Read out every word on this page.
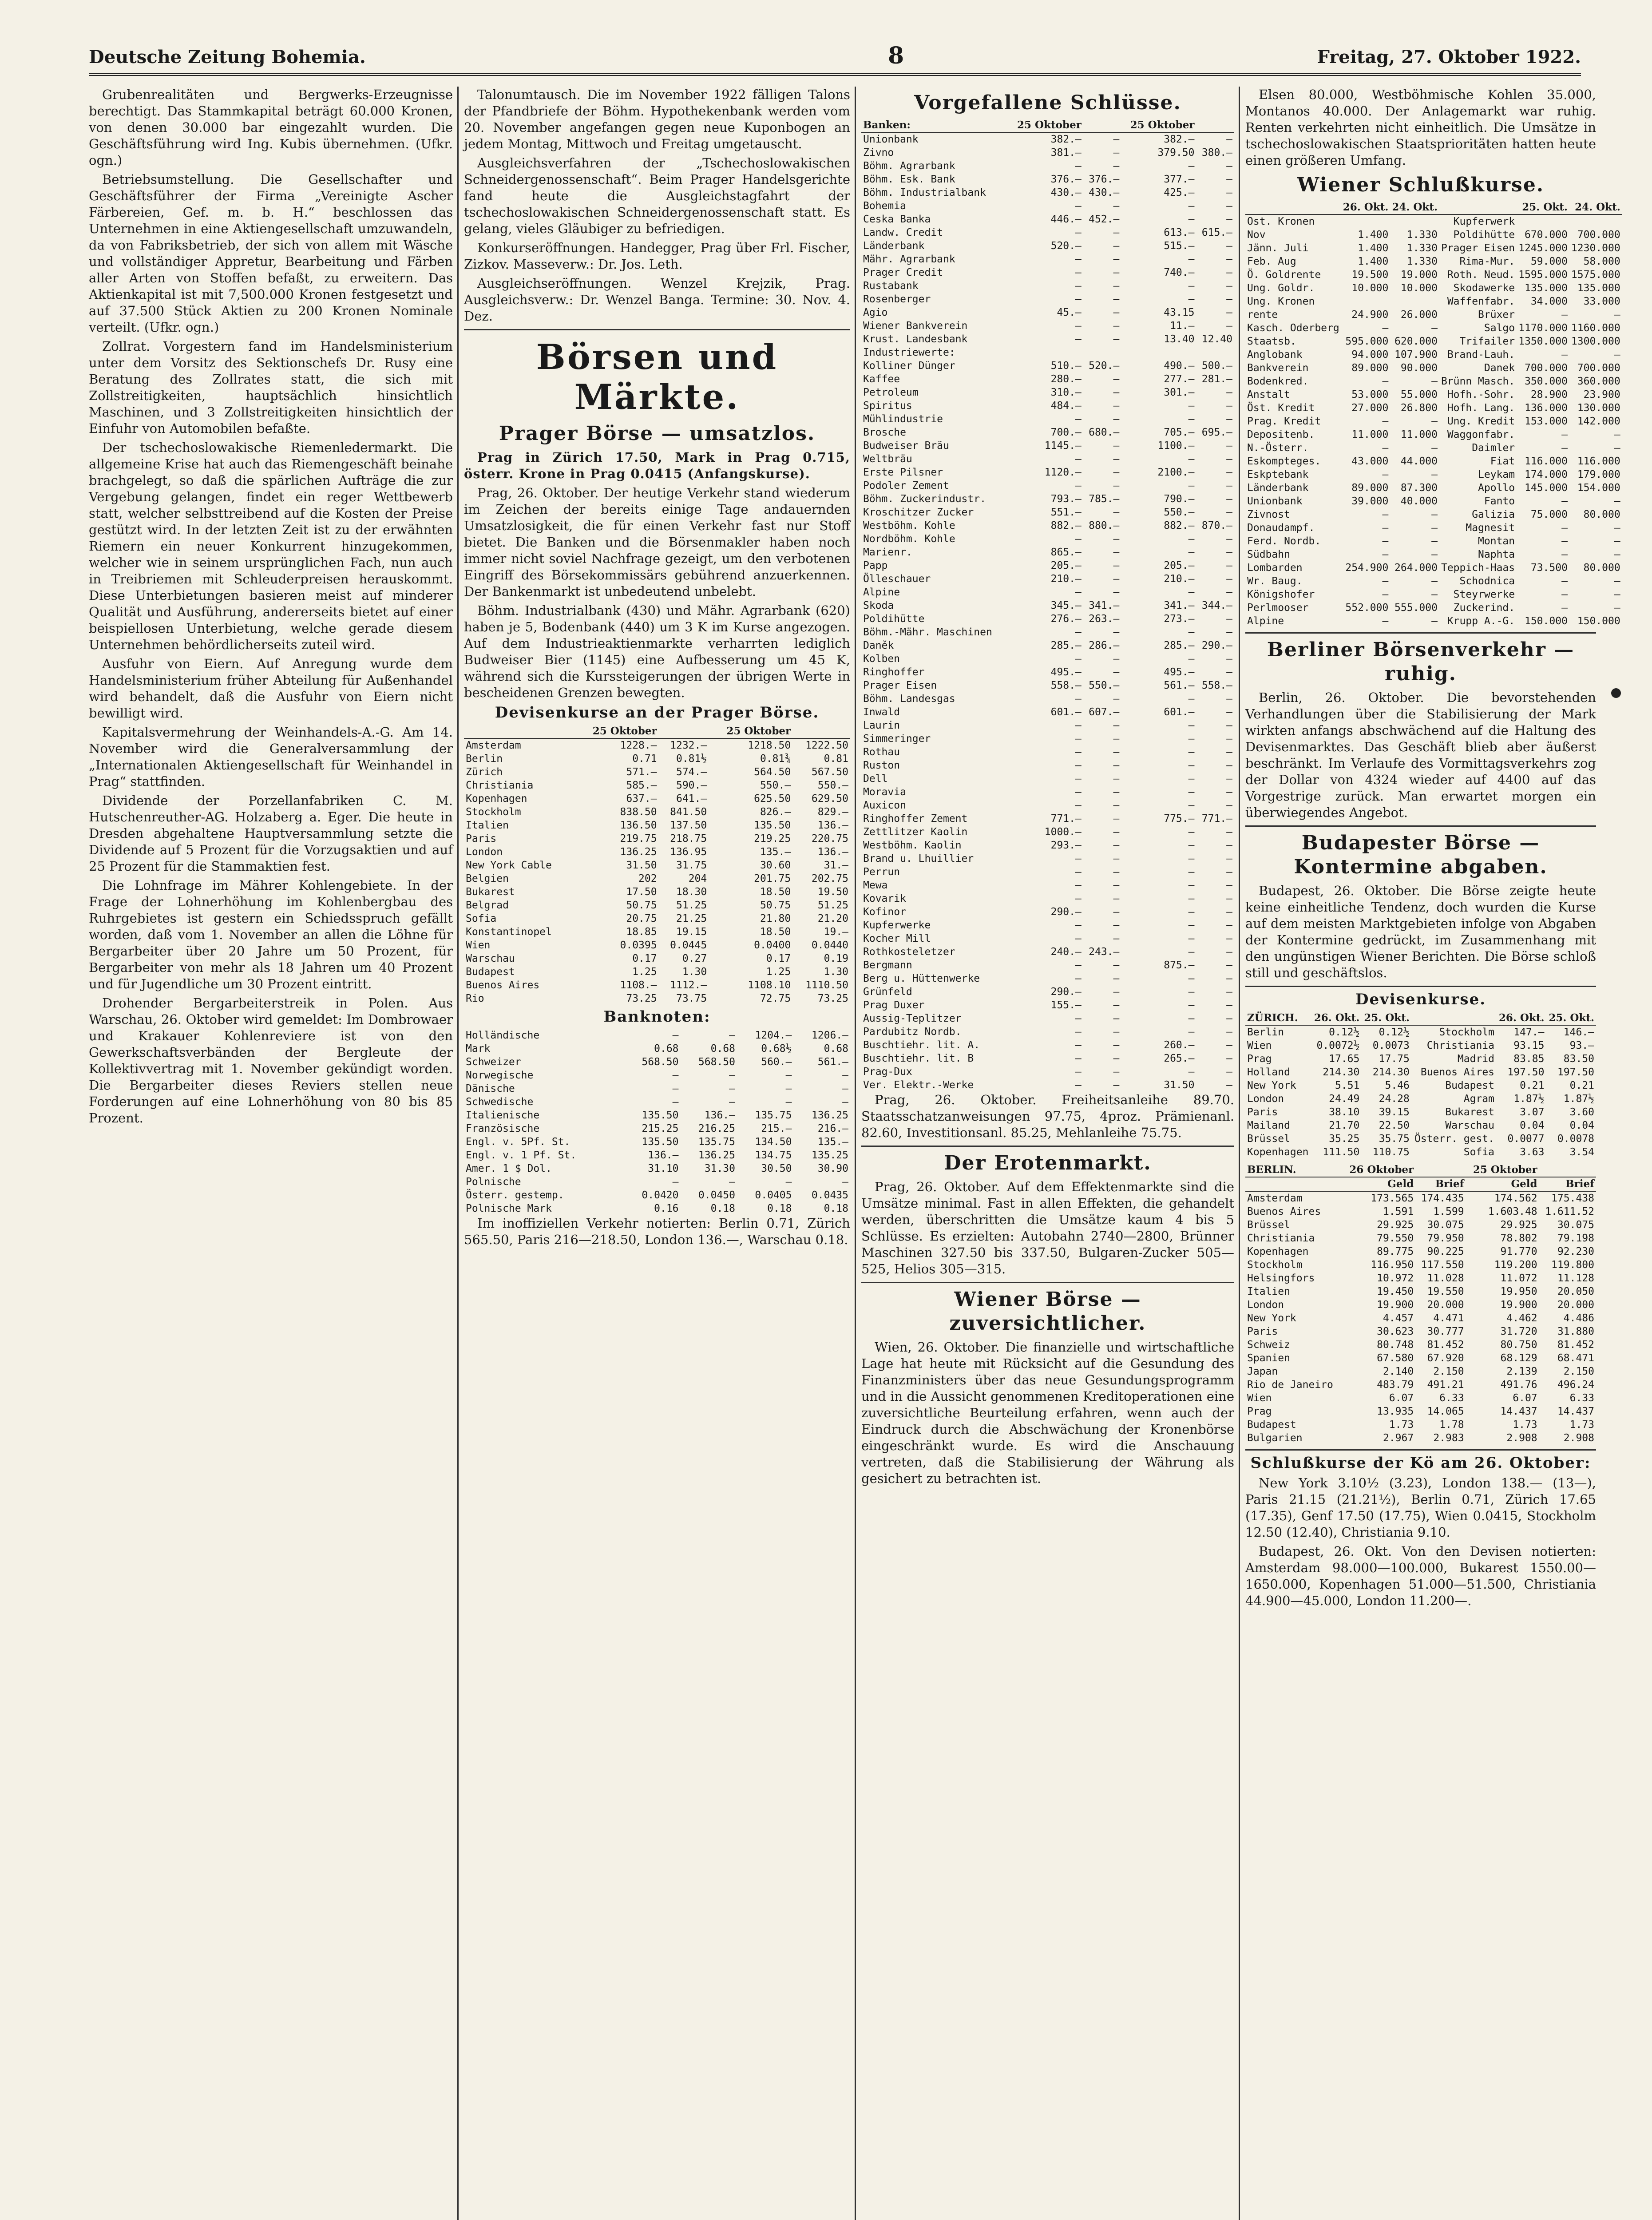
Deutsche Zeitung Bohemia.	8	Freitag, 27. Oktober 1922.

Grubenrealitäten und Bergwerks-Erzeugnisse berechtigt. Das Stammkapital beträgt 60.000 Kronen, von denen 30.000 bar eingezahlt wurden. Die Geschäftsführung wird Ing. Kubis übernehmen. (Ufkr. ogn.)

Betriebsumstellung. Die Gesellschafter und Geschäftsführer der Firma „Vereinigte Ascher Färbereien, Gef. m. b. H.“ beschlossen das Unternehmen in eine Aktiengesellschaft umzuwandeln, da von Fabriksbetrieb, der sich von allem mit Wäsche und vollständiger Appretur, Bearbeitung und Färben aller Arten von Stoffen befaßt, zu erweitern. Das Aktienkapital ist mit 7,500.000 Kronen festgesetzt und auf 37.500 Stück Aktien zu 200 Kronen Nominale verteilt. (Ufkr. ogn.)

Zollrat. Vorgestern fand im Handelsministerium unter dem Vorsitz des Sektionschefs Dr. Rusy eine Beratung des Zollrates statt, die sich mit Zollstreitigkeiten, hauptsächlich hinsichtlich Maschinen, und 3 Zollstreitigkeiten hinsichtlich der Einfuhr von Automobilen befaßte.

Der tschechoslowakische Riemenledermarkt. Die allgemeine Krise hat auch das Riemengeschäft beinahe brachgelegt, so daß die spärlichen Aufträge die zur Vergebung gelangen, findet ein reger Wettbewerb statt, welcher selbsttreibend auf die Kosten der Preise gestützt wird. In der letzten Zeit ist zu der erwähnten Riemern ein neuer Konkurrent hinzugekommen, welcher wie in seinem ursprünglichen Fach, nun auch in Treibriemen mit Schleuderpreisen herauskommt. Diese Unterbietungen basieren meist auf minderer Qualität und Ausführung, andererseits bietet auf einer beispiellosen Unterbietung, welche gerade diesem Unternehmen behördlicherseits zuteil wird.

Ausfuhr von Eiern. Auf Anregung wurde dem Handelsministerium früher Abteilung für Außenhandel wird behandelt, daß die Ausfuhr von Eiern nicht bewilligt wird.

Kapitalsvermehrung der Weinhandels-A.-G. Am 14. November wird die Generalversammlung der „Internationalen Aktiengesellschaft für Weinhandel in Prag“ stattfinden.

Dividende der Porzellanfabriken C. M. Hutschenreuther-AG. Holzaberg a. Eger. Die heute in Dresden abgehaltene Hauptversammlung setzte die Dividende auf 5 Prozent für die Vorzugsaktien und auf 25 Prozent für die Stammaktien fest.

Die Lohnfrage im Mährer Kohlengebiete. In der Frage der Lohnerhöhung im Kohlenbergbau des Ruhrgebietes ist gestern ein Schiedsspruch gefällt worden, daß vom 1. November an allen die Löhne für Bergarbeiter über 20 Jahre um 50 Prozent, für Bergarbeiter von mehr als 18 Jahren um 40 Prozent und für Jugendliche um 30 Prozent eintritt.

Drohender Bergarbeiterstreik in Polen. Aus Warschau, 26. Oktober wird gemeldet: Im Dombrowaer und Krakauer Kohlenreviere ist von den Gewerkschaftsverbänden der Bergleute der Kollektivvertrag mit 1. November gekündigt worden. Die Bergarbeiter dieses Reviers stellen neue Forderungen auf eine Lohnerhöhung von 80 bis 85 Prozent.

Talonumtausch. Die im November 1922 fälligen Talons der Pfandbriefe der Böhm. Hypothekenbank werden vom 20. November angefangen gegen neue Kuponbogen an jedem Montag, Mittwoch und Freitag umgetauscht.

Ausgleichsverfahren der „Tschechoslowakischen Schneidergenossenschaft“. Beim Prager Handelsgerichte fand heute die Ausgleichstagfahrt der tschechoslowakischen Schneidergenossenschaft statt. Es gelang, vieles Gläubiger zu befriedigen.

Konkurseröffnungen. Handegger, Prag über Frl. Fischer, Zizkov. Masseverw.: Dr. Jos. Leth.

Ausgleichseröffnungen. Wenzel Krejzik, Prag. Ausgleichsverw.: Dr. Wenzel Banga. Termine: 30. Nov. 4. Dez.

Börsen und Märkte.
Prager Börse — umsatzlos.

Prag in Zürich 17.50, Mark in Prag 0.715, österr. Krone in Prag 0.0415 (Anfangskurse).

Prag, 26. Oktober. Der heutige Verkehr stand wiederum im Zeichen der bereits einige Tage andauernden Umsatzlosigkeit, die für einen Verkehr fast nur Stoff bietet. Die Banken und die Börsenmakler haben noch immer nicht soviel Nachfrage gezeigt, um den verbotenen Eingriff des Börsekommissärs gebührend anzuerkennen. Der Bankenmarkt ist unbedeutend unbelebt.

Böhm. Industrialbank (430) und Mähr. Agrarbank (620) haben je 5, Bodenbank (440) um 3 K im Kurse angezogen. Auf dem Industrieaktienmarkte verharrten lediglich Budweiser Bier (1145) eine Aufbesserung um 45 K, während sich die Kurssteigerungen der übrigen Werte in bescheidenen Grenzen bewegten.

Devisenkurse an der Prager Börse.
	25 Oktober		25 Oktober	
Amsterdam	1228.—	1232.—	1218.50	1222.50
Berlin	0.71	0.81½	0.81¾	0.81
Zürich	571.—	574.—	564.50	567.50
Christiania	585.—	590.—	550.—	550.—
Kopenhagen	637.—	641.—	625.50	629.50
Stockholm	838.50	841.50	826.—	829.—
Italien	136.50	137.50	135.50	136.—
Paris	219.75	218.75	219.25	220.75
London	136.25	136.95	135.—	136.—
New York Cable	31.50	31.75	30.60	31.—
Belgien	202	204	201.75	202.75
Bukarest	17.50	18.30	18.50	19.50
Belgrad	50.75	51.25	50.75	51.25
Sofia	20.75	21.25	21.80	21.20
Konstantinopel	18.85	19.15	18.50	19.—
Wien	0.0395	0.0445	0.0400	0.0440
Warschau	0.17	0.27	0.17	0.19
Budapest	1.25	1.30	1.25	1.30
Buenos Aires	1108.—	1112.—	1108.10	1110.50
Rio	73.25	73.75	72.75	73.25
Banknoten:
Holländische	—	—	1204.—	1206.—
Mark	0.68	0.68	0.68½	0.68
Schweizer	568.50	568.50	560.—	561.—
Norwegische	—	—	—	—
Dänische	—	—	—	—
Schwedische	—	—	—	—
Italienische	135.50	136.—	135.75	136.25
Französische	215.25	216.25	215.—	216.—
Engl. v. 5Pf. St.	135.50	135.75	134.50	135.—
Engl. v. 1 Pf. St.	136.—	136.25	134.75	135.25
Amer. 1 $ Dol.	31.10	31.30	30.50	30.90
Polnische	—	—	—	—
Österr. gestemp.	0.0420	0.0450	0.0405	0.0435
Polnische Mark	0.16	0.18	0.18	0.18

Im inoffiziellen Verkehr notierten: Berlin 0.71, Zürich 565.50, Paris 216—218.50, London 136.—, Warschau 0.18.

Vorgefallene Schlüsse.
Banken:	25 Oktober		25 Oktober	
Unionbank	382.—	—	382.—	—
Zivno	381.—	—	379.50	380.—
Böhm. Agrarbank	—	—	—	—
Böhm. Esk. Bank	376.—	376.—	377.—	—
Böhm. Industrialbank	430.—	430.—	425.—	—
Bohemia	—	—	—	—
Ceska Banka	446.—	452.—	—	—
Landw. Credit	—	—	613.—	615.—
Länderbank	520.—	—	515.—	—
Mähr. Agrarbank	—	—	—	—
Prager Credit	—	—	740.—	—
Rustabank	—	—	—	—
Rosenberger	—	—	—	—
Agio	45.—	—	43.15	—
Wiener Bankverein	—	—	11.—	—
Krust. Landesbank	—	—	13.40	12.40
Industriewerte:				
Kolliner Dünger	510.—	520.—	490.—	500.—
Kaffee	280.—	—	277.—	281.—
Petroleum	310.—	—	301.—	—
Spiritus	484.—	—	—	—
Mühlindustrie	—	—	—	—
Brosche	700.—	680.—	705.—	695.—
Budweiser Bräu	1145.—	—	1100.—	—
Weltbräu	—	—	—	—
Erste Pilsner	1120.—	—	2100.—	—
Podoler Zement	—	—	—	—
Böhm. Zuckerindustr.	793.—	785.—	790.—	—
Kroschitzer Zucker	551.—	—	550.—	—
Westböhm. Kohle	882.—	880.—	882.—	870.—
Nordböhm. Kohle	—	—	—	—
Marienr.	865.—	—	—	—
Papp	205.—	—	205.—	—
Ölleschauer	210.—	—	210.—	—
Alpine	—	—	—	—
Skoda	345.—	341.—	341.—	344.—
Poldihütte	276.—	263.—	273.—	—
Böhm.-Mähr. Maschinen	—	—	—	—
Daněk	285.—	286.—	285.—	290.—
Kolben	—	—	—	—
Ringhoffer	495.—	—	495.—	—
Prager Eisen	558.—	550.—	561.—	558.—
Böhm. Landesgas	—	—	—	—
Inwald	601.—	607.—	601.—	—
Laurin	—	—	—	—
Simmeringer	—	—	—	—
Rothau	—	—	—	—
Ruston	—	—	—	—
Dell	—	—	—	—
Moravia	—	—	—	—
Auxicon	—	—	—	—
Ringhoffer Zement	771.—	—	775.—	771.—
Zettlitzer Kaolin	1000.—	—	—	—
Westböhm. Kaolin	293.—	—	—	—
Brand u. Lhuillier	—	—	—	—
Perrun	—	—	—	—
Mewa	—	—	—	—
Kovarik	—	—	—	—
Kofinor	290.—	—	—	—
Kupferwerke	—	—	—	—
Kocher Mill	—	—	—	—
Rothkosteletzer	240.—	243.—	—	—
Bergmann	—	—	875.—	—
Berg u. Hüttenwerke	—	—	—	—
Grünfeld	290.—	—	—	—
Prag Duxer	155.—	—	—	—
Aussig-Teplitzer	—	—	—	—
Pardubitz Nordb.	—	—	—	—
Buschtiehr. lit. A.	—	—	260.—	—
Buschtiehr. lit. B	—	—	265.—	—
Prag-Dux	—	—	—	—
Ver. Elektr.-Werke	—	—	31.50	—

Prag, 26. Oktober. Freiheitsanleihe 89.70. Staatsschatzanweisungen 97.75, 4proz. Prämienanl. 82.60, Investitionsanl. 85.25, Mehlanleihe 75.75.

Der Erotenmarkt.

Prag, 26. Oktober. Auf dem Effektenmarkte sind die Umsätze minimal. Fast in allen Effekten, die gehandelt werden, überschritten die Umsätze kaum 4 bis 5 Schlüsse. Es erzielten: Autobahn 2740—2800, Brünner Maschinen 327.50 bis 337.50, Bulgaren-Zucker 505—525, Helios 305—315.

Wiener Börse — zuversichtlicher.

Wien, 26. Oktober. Die finanzielle und wirtschaftliche Lage hat heute mit Rücksicht auf die Gesundung des Finanzministers über das neue Gesundungsprogramm und in die Aussicht genommenen Kreditoperationen eine zuversichtliche Beurteilung erfahren, wenn auch der Eindruck durch die Abschwächung der Kronenbörse eingeschränkt wurde. Es wird die Anschauung vertreten, daß die Stabilisierung der Währung als gesichert zu betrachten ist.

Elsen 80.000, Westböhmische Kohlen 35.000, Montanos 40.000. Der Anlagemarkt war ruhig. Renten verkehrten nicht einheitlich. Die Umsätze in tschechoslowakischen Staatsprioritäten hatten heute einen größeren Umfang.

Wiener Schlußkurse.
	26. Okt.	24. Okt.		25. Okt.	24. Okt.
Ost. Kronen			Kupferwerk		
Nov	1.400	1.330	Poldihütte	670.000	700.000
Jänn. Juli	1.400	1.330	Prager Eisen	1245.000	1230.000
Feb. Aug	1.400	1.330	Rima-Mur.	59.000	58.000
Ö. Goldrente	19.500	19.000	Roth. Neud.	1595.000	1575.000
Ung. Goldr.	10.000	10.000	Skodawerke	135.000	135.000
Ung. Kronen			Waffenfabr.	34.000	33.000
rente	24.900	26.000	Brüxer	—	—
Kasch. Oderberg	—	—	Salgo	1170.000	1160.000
Staatsb.	595.000	620.000	Trifailer	1350.000	1300.000
Anglobank	94.000	107.900	Brand-Lauh.	—	—
Bankverein	89.000	90.000	Danek	700.000	700.000
Bodenkred.	—	—	Brünn Masch.	350.000	360.000
Anstalt	53.000	55.000	Hofh.-Sohr.	28.900	23.900
Öst. Kredit	27.000	26.800	Hofh. Lang.	136.000	130.000
Prag. Kredit	—	—	Ung. Kredit	153.000	142.000
Depositenb.	11.000	11.000	Waggonfabr.	—	—
N.-Österr.	—	—	Daimler	—	—
Eskompteges.	43.000	44.000	Fiat	116.000	116.000
Eskptebank	—	—	Leykam	174.000	179.000
Länderbank	89.000	87.300	Apollo	145.000	154.000
Unionbank	39.000	40.000	Fanto	—	—
Zivnost	—	—	Galizia	75.000	80.000
Donaudampf.	—	—	Magnesit	—	—
Ferd. Nordb.	—	—	Montan	—	—
Südbahn	—	—	Naphta	—	—
Lombarden	254.900	264.000	Teppich-Haas	73.500	80.000
Wr. Baug.	—	—	Schodnica	—	—
Königshofer	—	—	Steyrwerke	—	—
Perlmooser	552.000	555.000	Zuckerind.	—	—
Alpine	—	—	Krupp A.-G.	150.000	150.000
Berliner Börsenverkehr — ruhig.

Berlin, 26. Oktober. Die bevorstehenden Verhandlungen über die Stabilisierung der Mark wirkten anfangs abschwächend auf die Haltung des Devisenmarktes. Das Geschäft blieb aber äußerst beschränkt. Im Verlaufe des Vormittagsverkehrs zog der Dollar von 4324 wieder auf 4400 auf das Vorgestrige zurück. Man erwartet morgen ein überwiegendes Angebot.

Budapester Börse — Kontermine abgaben.

Budapest, 26. Oktober. Die Börse zeigte heute keine einheitliche Tendenz, doch wurden die Kurse auf dem meisten Marktgebieten infolge von Abgaben der Kontermine gedrückt, im Zusammenhang mit den ungünstigen Wiener Berichten. Die Börse schloß still und geschäftslos.

Devisenkurse.
ZÜRICH.	26. Okt.	25. Okt.		26. Okt.	25. Okt.
Berlin	0.12½	0.12½	Stockholm	147.—	146.—
Wien	0.0072½	0.0073	Christiania	93.15	93.—
Prag	17.65	17.75	Madrid	83.85	83.50
Holland	214.30	214.30	Buenos Aires	197.50	197.50
New York	5.51	5.46	Budapest	0.21	0.21
London	24.49	24.28	Agram	1.87½	1.87½
Paris	38.10	39.15	Bukarest	3.07	3.60
Mailand	21.70	22.50	Warschau	0.04	0.04
Brüssel	35.25	35.75	Österr. gest.	0.0077	0.0078
Kopenhagen	111.50	110.75	Sofia	3.63	3.54
BERLIN.	26 Oktober		25 Oktober	
	Geld	Brief	Geld	Brief
Amsterdam	173.565	174.435	174.562	175.438
Buenos Aires	1.591	1.599	1.603.48	1.611.52
Brüssel	29.925	30.075	29.925	30.075
Christiania	79.550	79.950	78.802	79.198
Kopenhagen	89.775	90.225	91.770	92.230
Stockholm	116.950	117.550	119.200	119.800
Helsingfors	10.972	11.028	11.072	11.128
Italien	19.450	19.550	19.950	20.050
London	19.900	20.000	19.900	20.000
New York	4.457	4.471	4.462	4.486
Paris	30.623	30.777	31.720	31.880
Schweiz	80.748	81.452	80.750	81.452
Spanien	67.580	67.920	68.129	68.471
Japan	2.140	2.150	2.139	2.150
Rio de Janeiro	483.79	491.21	491.76	496.24
Wien	6.07	6.33	6.07	6.33
Prag	13.935	14.065	14.437	14.437
Budapest	1.73	1.78	1.73	1.73
Bulgarien	2.967	2.983	2.908	2.908
Schlußkurse der Kö am 26. Oktober:

New York 3.10½ (3.23), London 138.— (13—), Paris 21.15 (21.21½), Berlin 0.71, Zürich 17.65 (17.35), Genf 17.50 (17.75), Wien 0.0415, Stockholm 12.50 (12.40), Christiania 9.10.

Budapest, 26. Okt. Von den Devisen notierten: Amsterdam 98.000—100.000, Bukarest 1550.00—1650.000, Kopenhagen 51.000—51.500, Christiania 44.900—45.000, London 11.200—.
